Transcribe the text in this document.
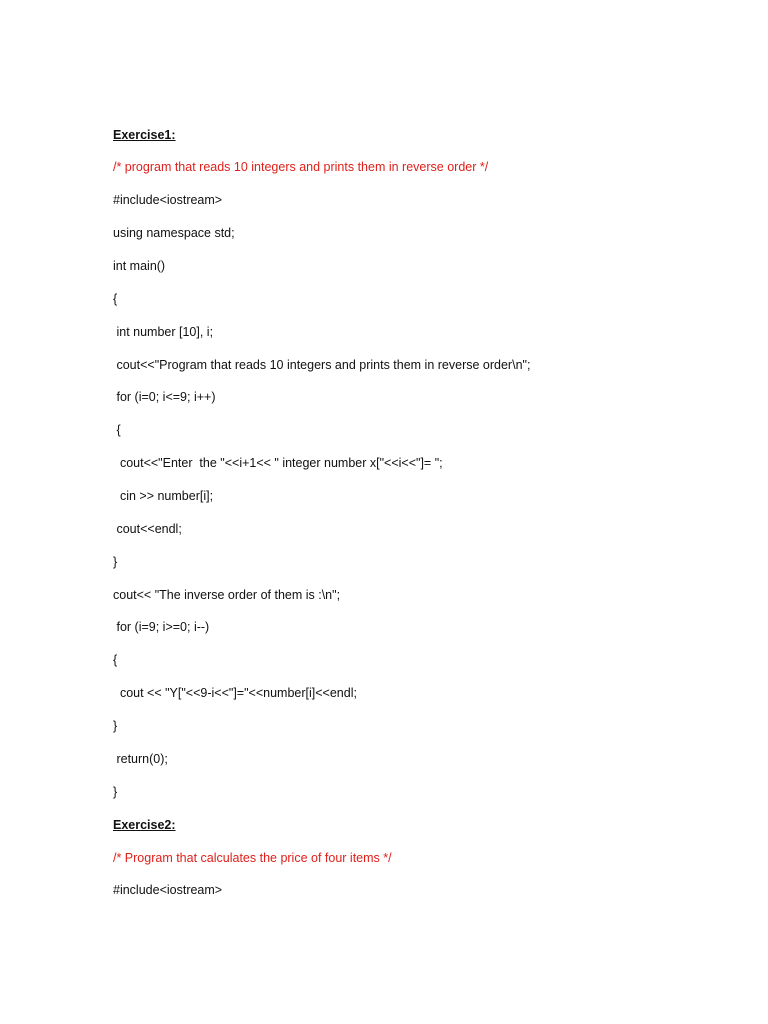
Exercise1:
/* program that reads 10 integers and prints them in reverse order */
#include<iostream>
using namespace std;
int main()
{
int number [10], i;
cout<<"Program that reads 10 integers and prints them in reverse order\n";
for (i=0; i<=9; i++)
{
cout<<"Enter  the "<<i+1<< " integer number x["<<i<<"]= ";
cin >> number[i];
cout<<endl;
}
cout<< "The inverse order of them is :\n";
for (i=9; i>=0; i--)
{
cout << "Y["<<9-i<<"]="<<number[i]<<endl;
}
return(0);
}
Exercise2:
/* Program that calculates the price of four items */
#include<iostream>
